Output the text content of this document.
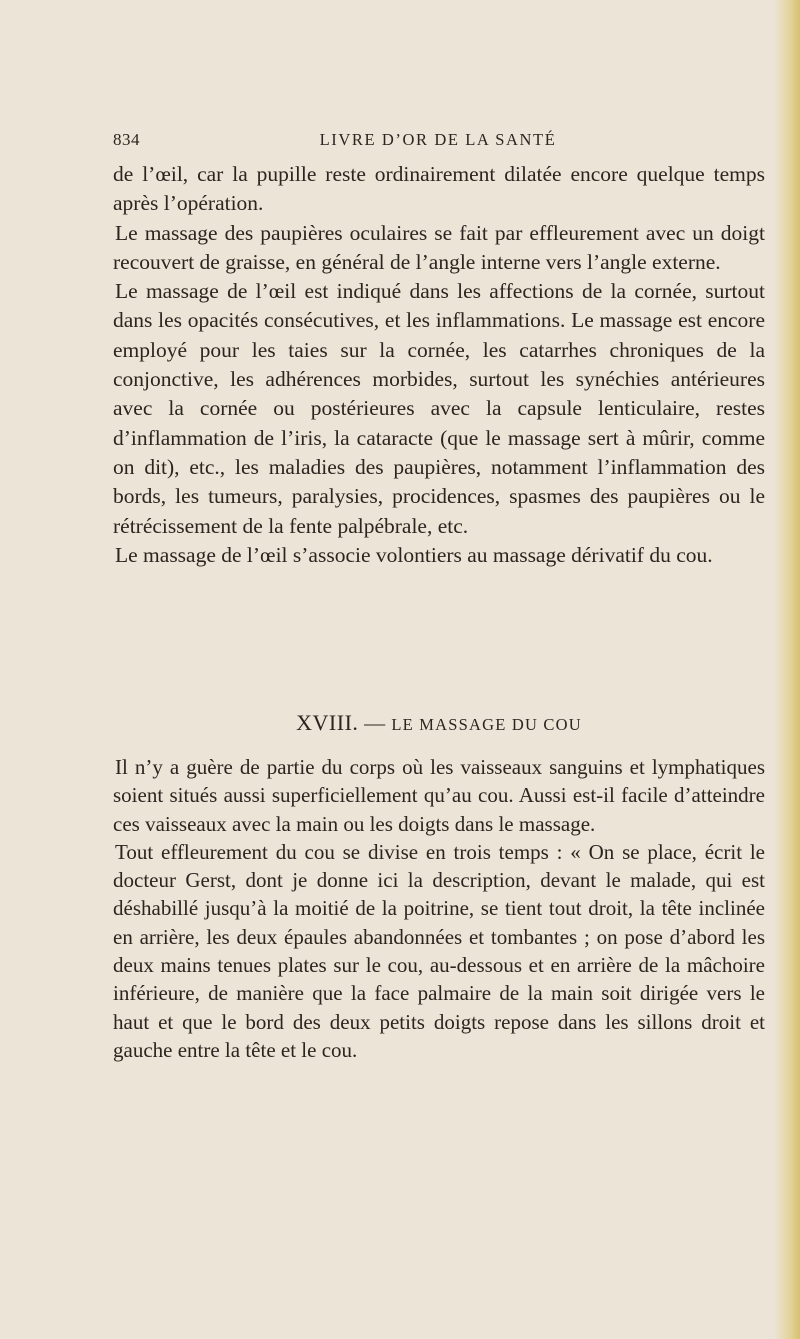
834	LIVRE D’OR DE LA SANTÉ

de l’œil, car la pupille reste ordinairement dilatée encore quelque temps après l’opération.

Le massage des paupières oculaires se fait par effleurement avec un doigt recouvert de graisse, en général de l’angle interne vers l’angle externe.

Le massage de l’œil est indiqué dans les affections de la cornée, surtout dans les opacités consécutives, et les inflammations. Le massage est encore employé pour les taies sur la cornée, les catarrhes chroniques de la conjonctive, les adhérences morbides, surtout les synéchies antérieures avec la cornée ou postérieures avec la capsule lenticulaire, restes d’inflammation de l’iris, la cataracte (que le massage sert à mûrir, comme on dit), etc., les maladies des paupières, notamment l’inflammation des bords, les tumeurs, paralysies, procidences, spasmes des paupières ou le rétrécissement de la fente palpébrale, etc.

Le massage de l’œil s’associe volontiers au massage dérivatif du cou.

XVIII. — LE MASSAGE DU COU

Il n’y a guère de partie du corps où les vaisseaux sanguins et lymphatiques soient situés aussi superficiellement qu’au cou. Aussi est-il facile d’atteindre ces vaisseaux avec la main ou les doigts dans le massage.

Tout effleurement du cou se divise en trois temps : « On se place, écrit le docteur Gerst, dont je donne ici la description, devant le malade, qui est déshabillé jusqu’à la moitié de la poitrine, se tient tout droit, la tête inclinée en arrière, les deux épaules abandonnées et tombantes ; on pose d’abord les deux mains tenues plates sur le cou, au-dessous et en arrière de la mâchoire inférieure, de manière que la face palmaire de la main soit dirigée vers le haut et que le bord des deux petits doigts repose dans les sillons droit et gauche entre la tête et le cou.
